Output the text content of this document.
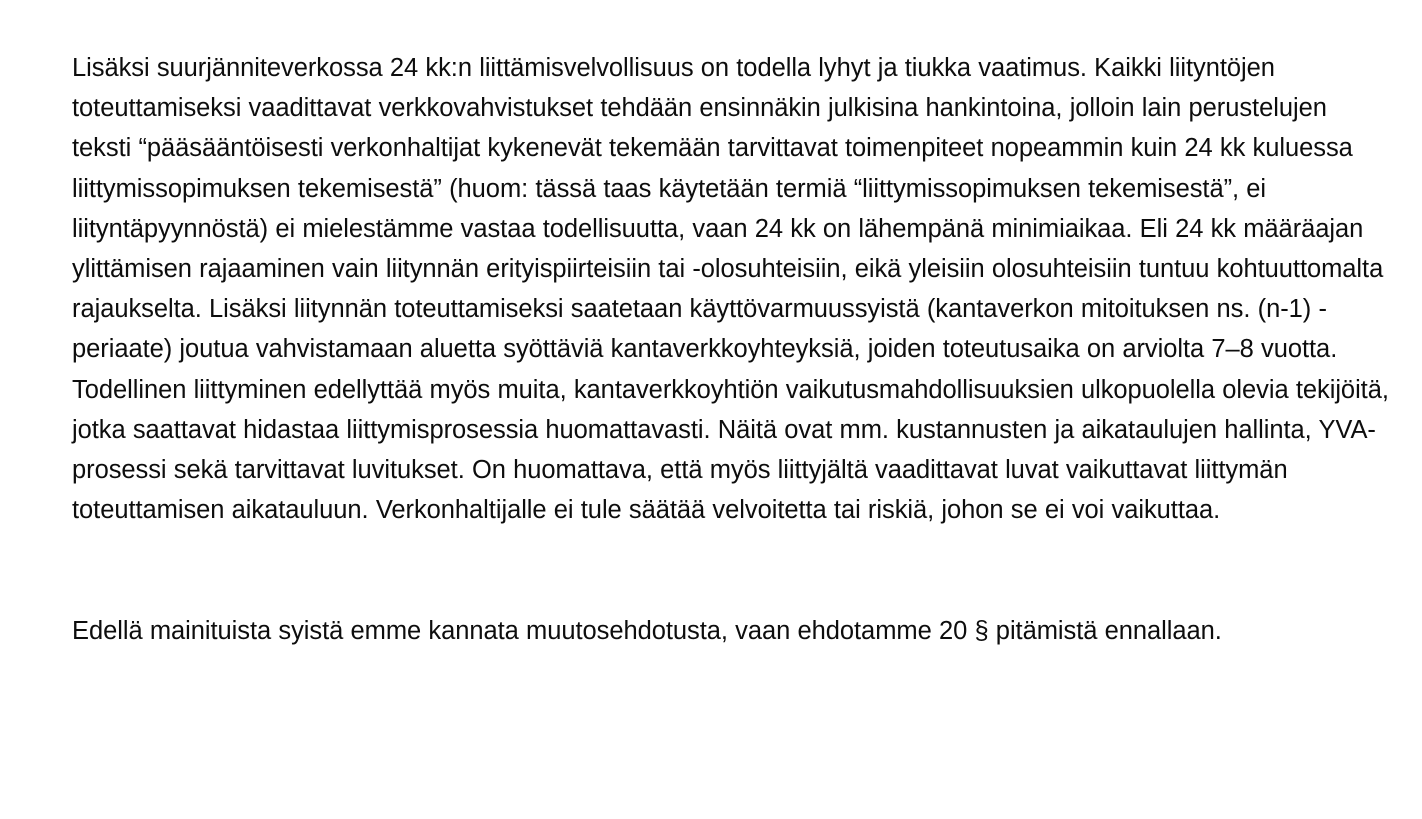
Lisäksi suurjänniteverkossa 24 kk:n liittämisvelvollisuus on todella lyhyt ja tiukka vaatimus. Kaikki liityntöjen toteuttamiseksi vaadittavat verkkovahvistukset tehdään ensinnäkin julkisina hankintoina, jolloin lain perustelujen teksti “pääsääntöisesti verkonhaltijat kykenevät tekemään tarvittavat toimenpiteet nopeammin kuin 24 kk kuluessa liittymissopimuksen tekemisestä” (huom: tässä taas käytetään termiä “liittymissopimuksen tekemisestä”, ei liityntäpyynnöstä) ei mielestämme vastaa todellisuutta, vaan 24 kk on lähempänä minimiaikaa. Eli 24 kk määräajan ylittämisen rajaaminen vain liitynnän erityispiirteisiin tai -olosuhteisiin, eikä yleisiin olosuhteisiin tuntuu kohtuuttomalta rajaukselta. Lisäksi liitynnän toteuttamiseksi saatetaan käyttövarmuussyistä (kantaverkon mitoituksen ns. (n-1) -periaate) joutua vahvistamaan aluetta syöttäviä kantaverkkoyhteyksiä, joiden toteutusaika on arviolta 7–8 vuotta. Todellinen liittyminen edellyttää myös muita, kantaverkkoyhtiön vaikutusmahdollisuuksien ulkopuolella olevia tekijöitä, jotka saattavat hidastaa liittymisprosessia huomattavasti. Näitä ovat mm. kustannusten ja aikataulujen hallinta, YVA-prosessi sekä tarvittavat luvitukset. On huomattava, että myös liittyjältä vaadittavat luvat vaikuttavat liittymän toteuttamisen aikatauluun. Verkonhaltijalle ei tule säätää velvoitetta tai riskiä, johon se ei voi vaikuttaa.

Edellä mainituista syistä emme kannata muutosehdotusta, vaan ehdotamme 20 § pitämistä ennallaan.
